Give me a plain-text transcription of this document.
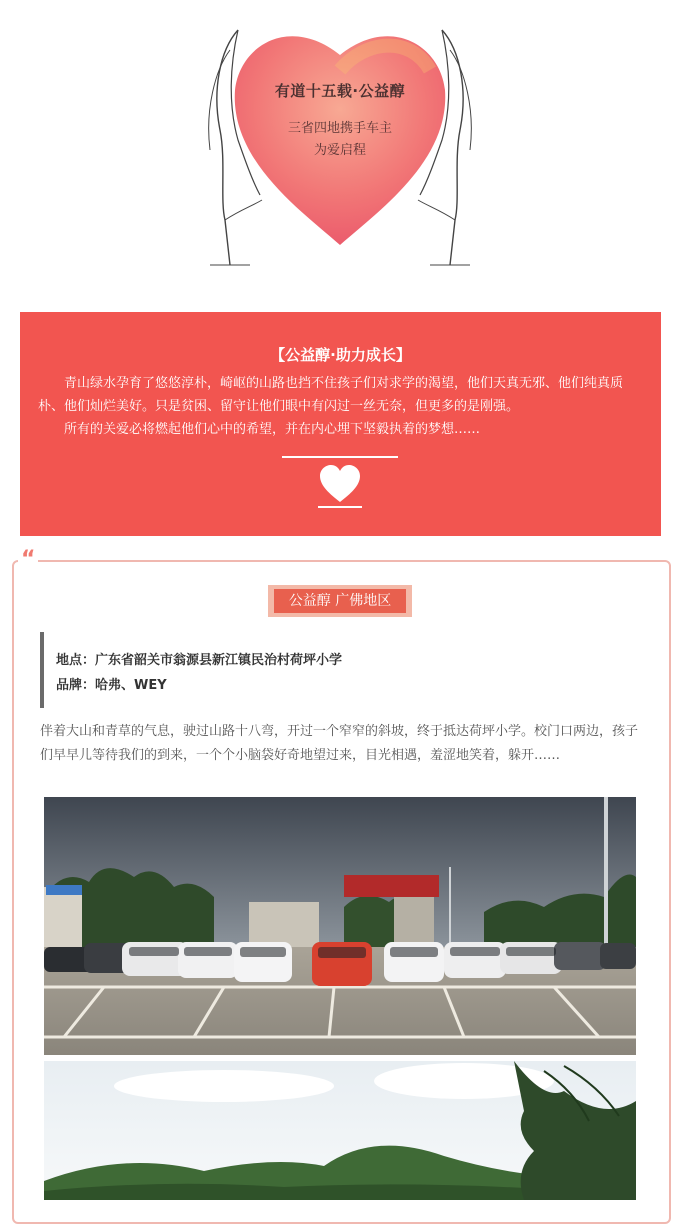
有道十五载·公益醇
三省四地携手车主
为爱启程
【公益醇·助力成长】

青山绿水孕育了悠悠淳朴，崎岖的山路也挡不住孩子们对求学的渴望，他们天真无邪、他们纯真质朴、他们灿烂美好。只是贫困、留守让他们眼中有闪过一丝无奈，但更多的是刚强。

所有的关爱必将燃起他们心中的希望，并在内心埋下坚毅执着的梦想……

“
公益醇 广佛地区
地点：广东省韶关市翁源县新江镇民治村荷坪小学
品牌：哈弗、WEY
伴着大山和青草的气息，驶过山路十八弯，开过一个窄窄的斜坡，终于抵达荷坪小学。校门口两边，孩子们早早儿等待我们的到来，一个个小脑袋好奇地望过来，目光相遇，羞涩地笑着，躲开……
